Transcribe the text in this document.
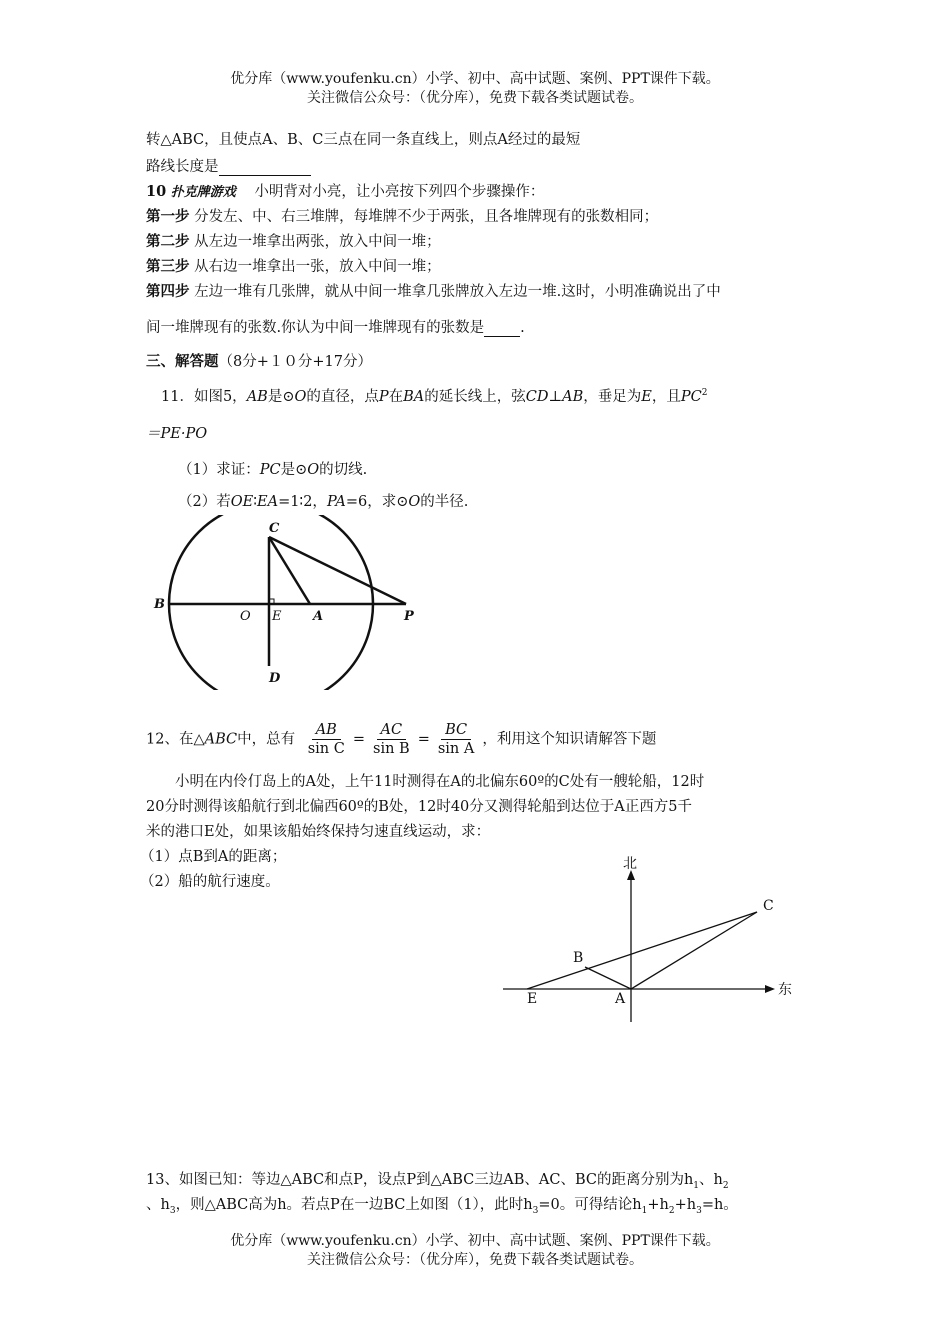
优分库（www.youfenku.cn）小学、初中、高中试题、案例、PPT课件下载。
关注微信公众号：（优分库），免费下载各类试题试卷。
转△ABC，且使点A、B、C三点在同一条直线上，则点A经过的最短
路线长度是
10 扑克牌游戏 小明背对小亮，让小亮按下列四个步骤操作：
第一步 分发左、中、右三堆牌，每堆牌不少于两张，且各堆牌现有的张数相同；
第二步 从左边一堆拿出两张，放入中间一堆；
第三步 从右边一堆拿出一张，放入中间一堆；
第四步 左边一堆有几张牌，就从中间一堆拿几张牌放入左边一堆.这时，小明准确说出了中
间一堆牌现有的张数.你认为中间一堆牌现有的张数是 .
三、解答题（8分+１０分+17分）
11．如图5，AB是⊙O的直径，点P在BA的延长线上，弦CD⊥AB，垂足为E，且$PC^2$
＝PE·PO
（1）求证：PC是⊙O的切线.
（2）若OE∶EA=1∶2，PA=6，求⊙O的半径.
C
B
O E A	P
D
12、在△ABC中，总有 $\frac{AB}{\text{sin C}} = \frac{AC}{\text{sin B}} = \frac{BC}{\text{sin A}}$ ，利用这个知识请解答下题
小明在内伶仃岛上的A处，上午11时测得在A的北偏东60º的C处有一艘轮船，12时
20分时测得该船航行到北偏西60º的B处，12时40分又测得轮船到达位于A正西方5千
米的港口E处，如果该船始终保持匀速直线运动，求：
（1）点B到A的距离；
（2）船的航行速度。
北
东
C
B
E	A
13、如图已知：等边△ABC和点P，设点P到△ABC三边AB、AC、BC的距离分别为$h_1$、$h_2$
、$h_3$，则△ABC高为h。若点P在一边BC上如图（1），此时$h_3=0$。可得结论$h_1+h_2+h_3=h$。
优分库（www.youfenku.cn）小学、初中、高中试题、案例、PPT课件下载。
关注微信公众号：（优分库），免费下载各类试题试卷。
